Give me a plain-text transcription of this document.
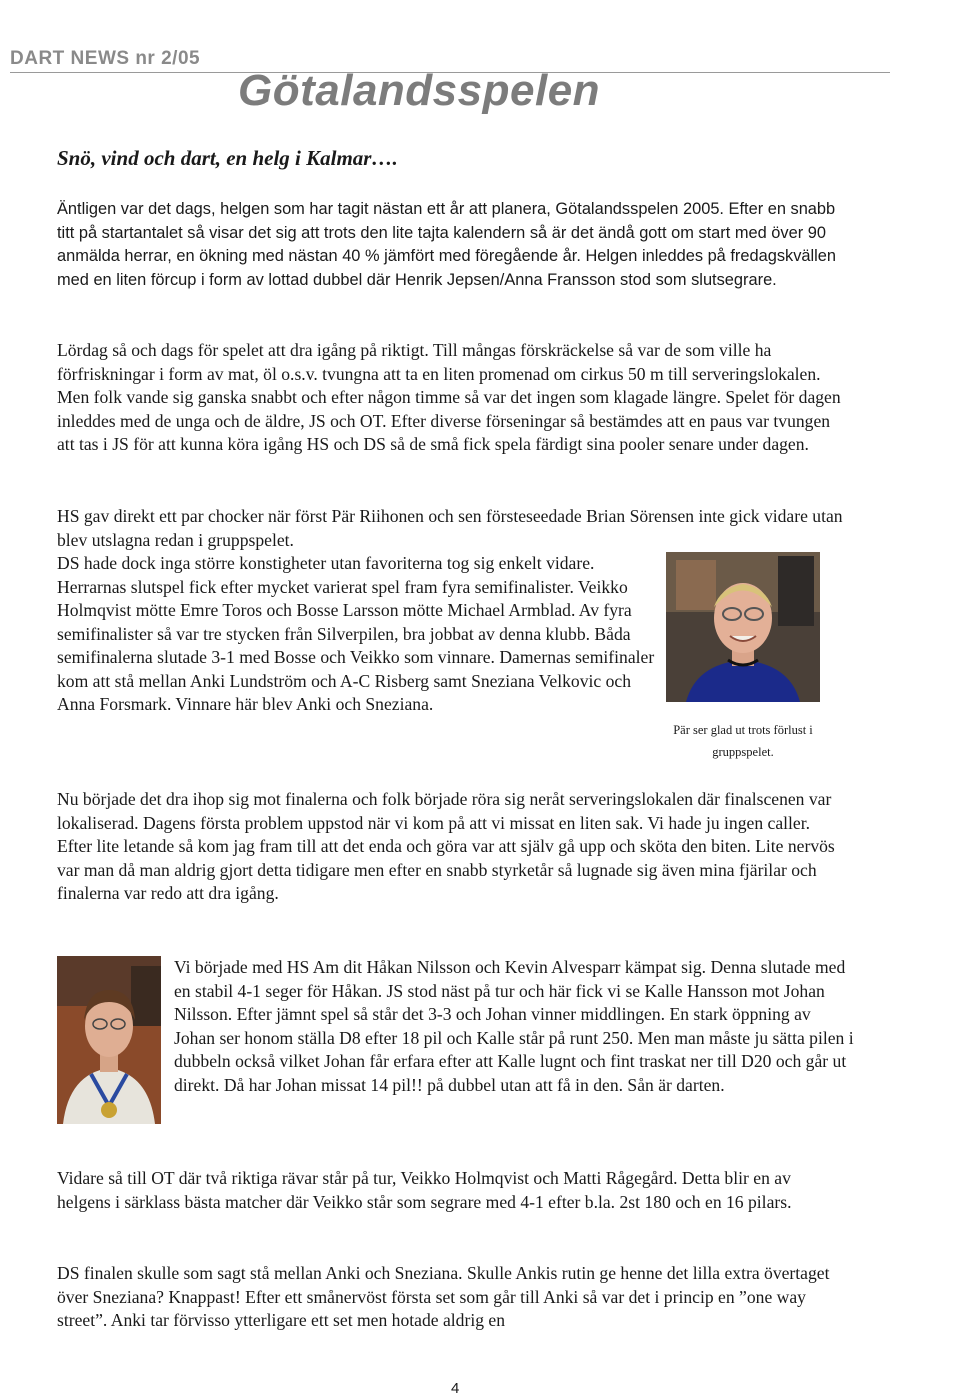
DART NEWS nr 2/05
Götalandsspelen
Snö, vind och dart, en helg i Kalmar….

Äntligen var det dags, helgen som har tagit nästan ett år att planera, Götalandsspelen 2005. Efter en snabb titt på startantalet så visar det sig att trots den lite tajta kalendern så är det ändå gott om start med över 90 anmälda herrar, en ökning med nästan 40 % jämfört med föregående år. Helgen inleddes på fredagskvällen med en liten förcup i form av lottad dubbel där Henrik Jepsen/Anna Fransson stod som slutsegrare.

Lördag så och dags för spelet att dra igång på riktigt. Till mångas förskräckelse så var de som ville ha förfriskningar i form av mat, öl o.s.v. tvungna att ta en liten promenad om cirkus 50 m till serveringslokalen. Men folk vande sig ganska snabbt och efter någon timme så var det ingen som klagade längre. Spelet för dagen inleddes med de unga och de äldre, JS och OT. Efter diverse förseningar så bestämdes att en paus var tvungen att tas i JS för att kunna köra igång HS och DS så de små fick spela färdigt sina pooler senare under dagen.

HS gav direkt ett par chocker när först Pär Riihonen och sen försteseedade Brian Sörensen inte gick vidare utan blev utslagna redan i gruppspelet.

DS hade dock inga större konstigheter utan favoriterna tog sig enkelt vidare. Herrarnas slutspel fick efter mycket varierat spel fram fyra semifinalister. Veikko Holmqvist mötte Emre Toros och Bosse Larsson mötte Michael Armblad. Av fyra semifinalister så var tre stycken från Silverpilen, bra jobbat av denna klubb. Båda semifinalerna slutade 3-1 med Bosse och Veikko som vinnare. Damernas semifinaler kom att stå mellan Anki Lundström och A-C Risberg samt Sneziana Velkovic och Anna Forsmark. Vinnare här blev Anki och Sneziana.

Pär ser glad ut trots förlust i gruppspelet.

Nu började det dra ihop sig mot finalerna och folk började röra sig neråt serveringslokalen där finalscenen var lokaliserad. Dagens första problem uppstod när vi kom på att vi missat en liten sak. Vi hade ju ingen caller. Efter lite letande så kom jag fram till att det enda och göra var att själv gå upp och sköta den biten. Lite nervös var man då man aldrig gjort detta tidigare men efter en snabb styrketår så lugnade sig även mina fjärilar och finalerna var redo att dra igång.

Vi började med HS Am dit Håkan Nilsson och Kevin Alvesparr kämpat sig. Denna slutade med en stabil 4-1 seger för Håkan. JS stod näst på tur och här fick vi se Kalle Hansson mot Johan Nilsson. Efter jämnt spel så står det 3-3 och Johan vinner middlingen. En stark öppning av Johan ser honom ställa D8 efter 18 pil och Kalle står på runt 250. Men man måste ju sätta pilen i dubbeln också vilket Johan får erfara efter att Kalle lugnt och fint traskat ner till D20 och går ut direkt. Då har Johan missat 14 pil!! på dubbel utan att få in den. Sån är darten.

Vidare så till OT där två riktiga rävar står på tur, Veikko Holmqvist och Matti Rågegård. Detta blir en av helgens i särklass bästa matcher där Veikko står som segrare med 4-1 efter b.la. 2st 180 och en 16 pilars.

DS finalen skulle som sagt stå mellan Anki och Sneziana. Skulle Ankis rutin ge henne det lilla extra övertaget över Sneziana? Knappast! Efter ett smånervöst första set som går till Anki så var det i princip en ”one way street”. Anki tar förvisso ytterligare ett set men hotade aldrig en

4
